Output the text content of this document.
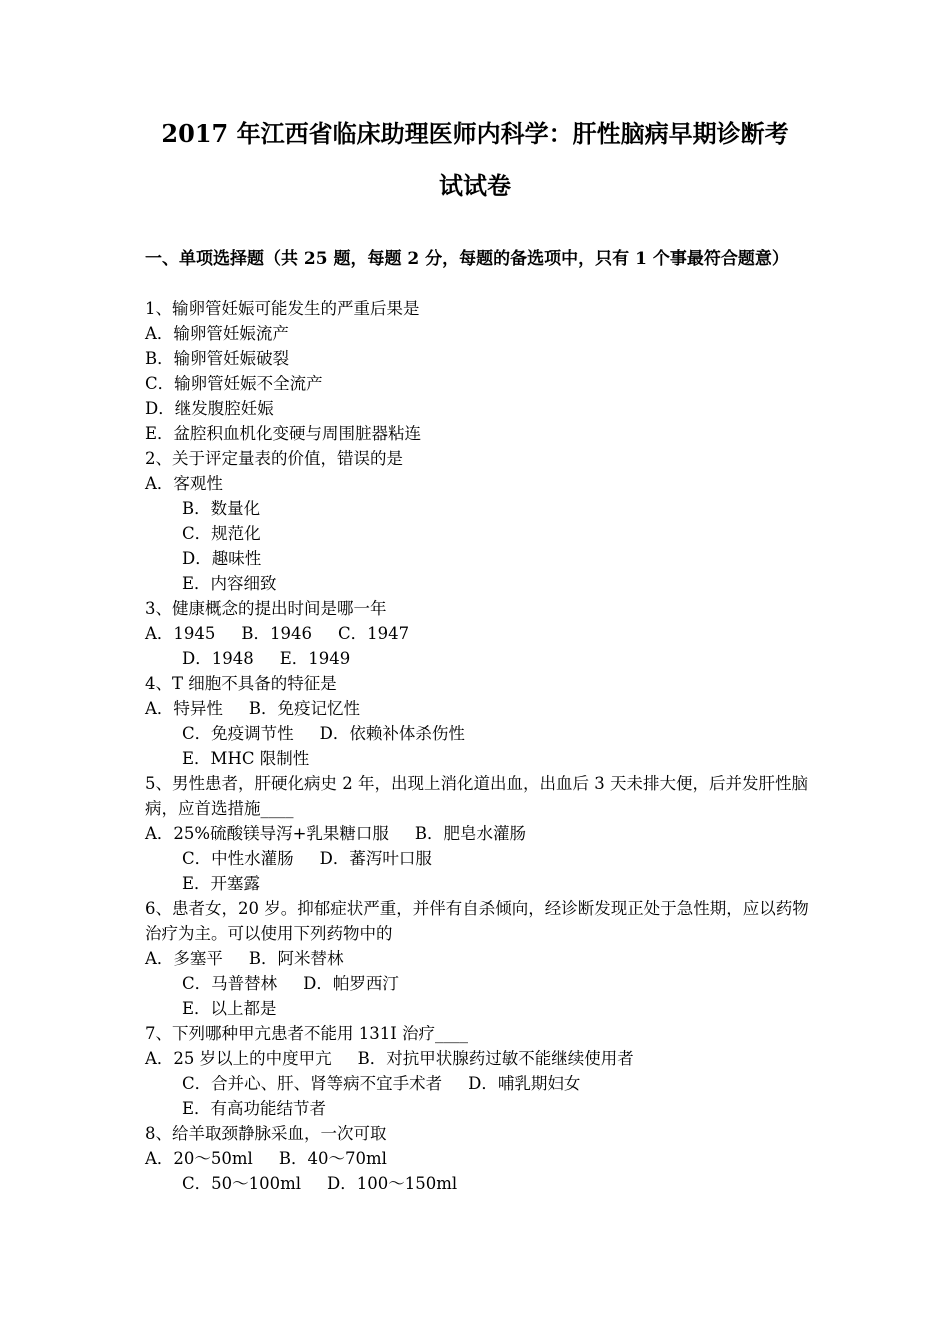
2017 年江西省临床助理医师内科学：肝性脑病早期诊断考
试试卷
一、单项选择题（共 25 题，每题 2 分，每题的备选项中，只有 1 个事最符合题意）
1、输卵管妊娠可能发生的严重后果是
A．输卵管妊娠流产
B．输卵管妊娠破裂
C．输卵管妊娠不全流产
D．继发腹腔妊娠
E．盆腔积血机化变硬与周围脏器粘连
2、关于评定量表的价值，错误的是
A．客观性
B．数量化
C．规范化
D．趣味性
E．内容细致
3、健康概念的提出时间是哪一年
A．1945 B．1946 C．1947
D．1948 E．1949
4、T 细胞不具备的特征是
A．特异性 B．免疫记忆性
C．免疫调节性 D．依赖补体杀伤性
E．MHC 限制性
5、男性患者，肝硬化病史 2 年，出现上消化道出血，出血后 3 天未排大便，后并发肝性脑病，应首选措施____
A．25%硫酸镁导泻+乳果糖口服 B．肥皂水灌肠
C．中性水灌肠 D．蕃泻叶口服
E．开塞露
6、患者女，20 岁。抑郁症状严重，并伴有自杀倾向，经诊断发现正处于急性期，应以药物治疗为主。可以使用下列药物中的
A．多塞平 B．阿米替林
C．马普替林 D．帕罗西汀
E．以上都是
7、下列哪种甲亢患者不能用 131I 治疗____
A．25 岁以上的中度甲亢 B．对抗甲状腺药过敏不能继续使用者
C．合并心、肝、肾等病不宜手术者 D．哺乳期妇女
E．有高功能结节者
8、给羊取颈静脉采血，一次可取
A．20～50ml B．40～70ml
C．50～100ml D．100～150ml
